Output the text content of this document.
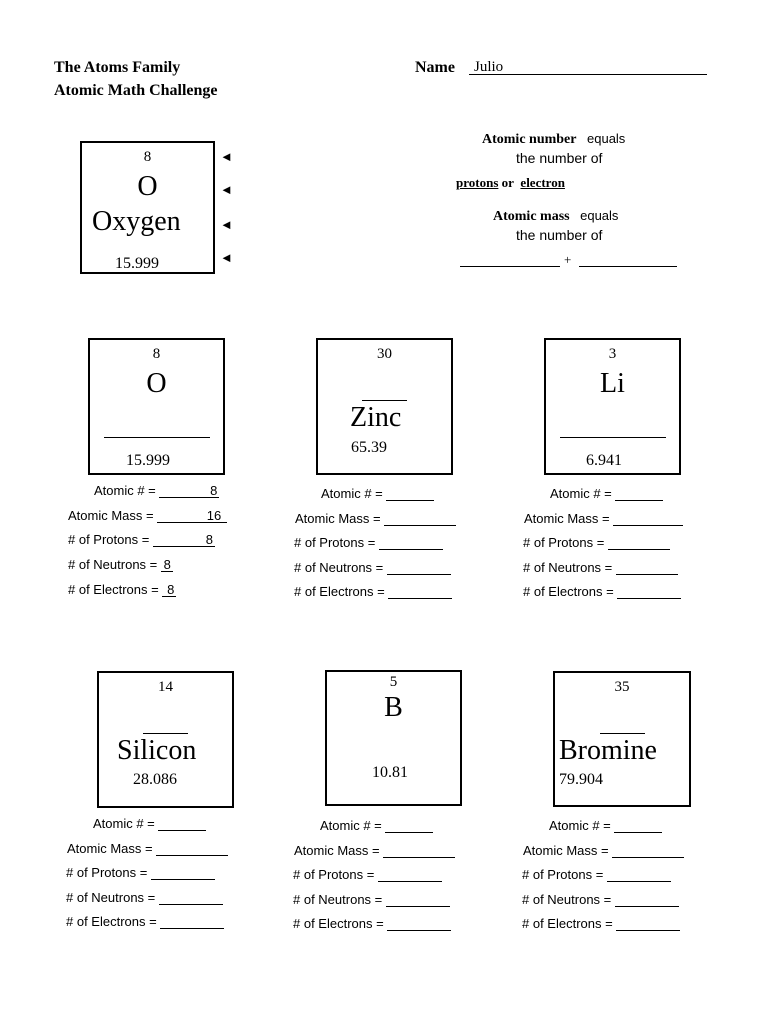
The Atoms Family
Atomic Math Challenge
Name Julio
8
O
Oxygen
15.999
◄
◄
◄
◄
Atomic number equals
the number of
protons or electron
Atomic mass equals
the number of
+
8
O
15.999
30
Zinc
65.39
3
Li
6.941
14
Silicon
28.086
5
B
10.81
35
Bromine
79.904
Atomic # =	8
Atomic Mass =	16
# of Protons =	8
# of Neutrons = 8
# of Electrons = 8
Atomic # =
Atomic Mass =
# of Protons =
# of Neutrons =
# of Electrons =
Atomic # =
Atomic Mass =
# of Protons =
# of Neutrons =
# of Electrons =
Atomic # =
Atomic Mass =
# of Protons =
# of Neutrons =
# of Electrons =
Atomic # =
Atomic Mass =
# of Protons =
# of Neutrons =
# of Electrons =
Atomic # =
Atomic Mass =
# of Protons =
# of Neutrons =
# of Electrons =
